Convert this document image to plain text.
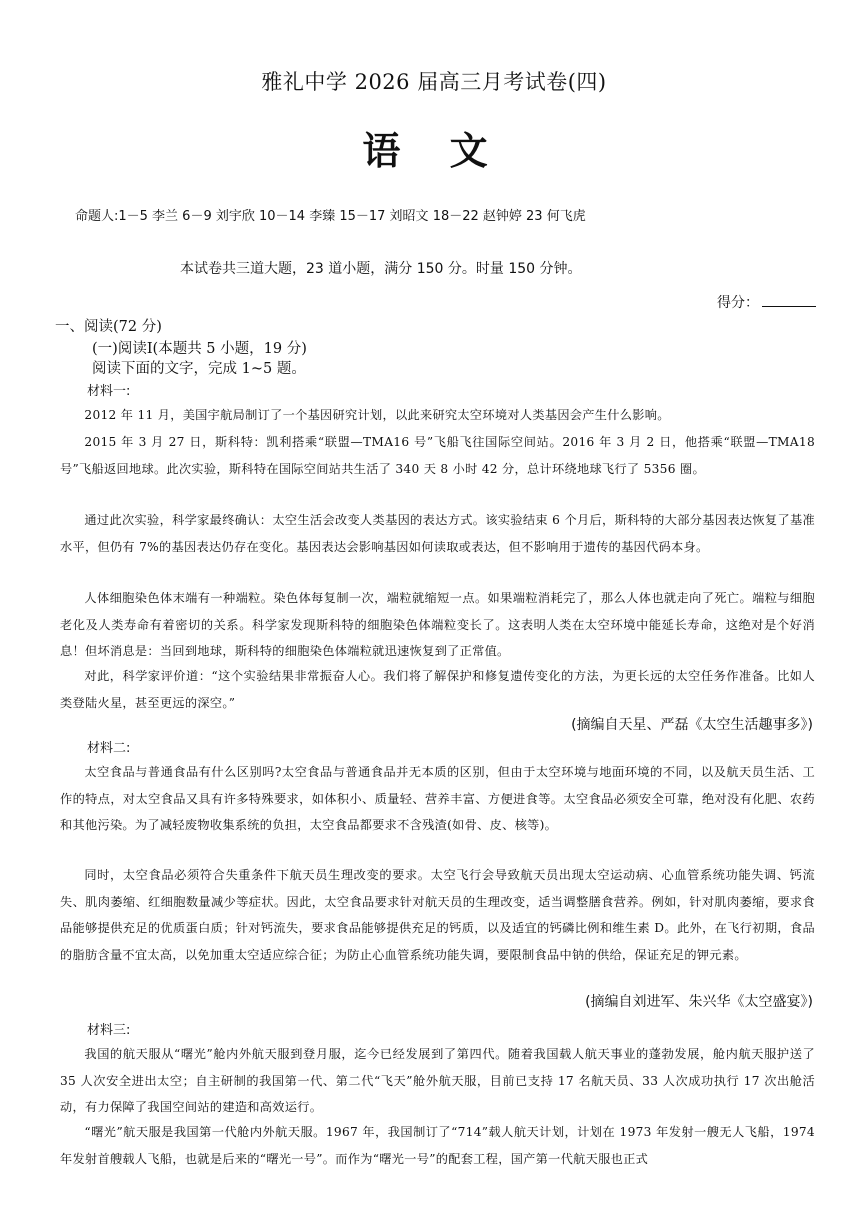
雅礼中学 2026 届高三月考试卷(四)
语 文
命题人:1－5 李兰 6－9 刘宇欣 10－14 李臻 15－17 刘昭文 18－22 赵钟婷 23 何飞虎
本试卷共三道大题，23 道小题，满分 150 分。时量 150 分钟。
得分：
一、阅读(72 分)
(一)阅读Ⅰ(本题共 5 小题，19 分)
阅读下面的文字，完成 1~5 题。
材料一:
2012 年 11 月，美国宇航局制订了一个基因研究计划，以此来研究太空环境对人类基因会产生什么影响。
2015 年 3 月 27 日，斯科特：凯利搭乘“联盟—TMA16 号”飞船飞往国际空间站。2016 年 3 月 2 日，他搭乘“联盟—TMA18 号”飞船返回地球。此次实验，斯科特在国际空间站共生活了 340 天 8 小时 42 分，总计环绕地球飞行了 5356 圈。
通过此次实验，科学家最终确认：太空生活会改变人类基因的表达方式。该实验结束 6 个月后，斯科特的大部分基因表达恢复了基准水平，但仍有 7%的基因表达仍存在变化。基因表达会影响基因如何读取或表达，但不影响用于遗传的基因代码本身。
人体细胞染色体末端有一种端粒。染色体每复制一次，端粒就缩短一点。如果端粒消耗完了，那么人体也就走向了死亡。端粒与细胞老化及人类寿命有着密切的关系。科学家发现斯科特的细胞染色体端粒变长了。这表明人类在太空环境中能延长寿命，这绝对是个好消息！但坏消息是：当回到地球，斯科特的细胞染色体端粒就迅速恢复到了正常值。
对此，科学家评价道：“这个实验结果非常振奋人心。我们将了解保护和修复遗传变化的方法，为更长远的太空任务作准备。比如人类登陆火星，甚至更远的深空。”
(摘编自天星、严磊《太空生活趣事多》)
材料二:
太空食品与普通食品有什么区别吗?太空食品与普通食品并无本质的区别，但由于太空环境与地面环境的不同，以及航天员生活、工作的特点，对太空食品又具有许多特殊要求，如体积小、质量轻、营养丰富、方便进食等。太空食品必须安全可靠，绝对没有化肥、农药和其他污染。为了减轻废物收集系统的负担，太空食品都要求不含残渣(如骨、皮、核等)。
同时，太空食品必须符合失重条件下航天员生理改变的要求。太空飞行会导致航天员出现太空运动病、心血管系统功能失调、钙流失、肌肉萎缩、红细胞数量减少等症状。因此，太空食品要求针对航天员的生理改变，适当调整膳食营养。例如，针对肌肉萎缩，要求食品能够提供充足的优质蛋白质；针对钙流失，要求食品能够提供充足的钙质，以及适宜的钙磷比例和维生素 D。此外，在飞行初期，食品的脂肪含量不宜太高，以免加重太空适应综合征；为防止心血管系统功能失调，要限制食品中钠的供给，保证充足的钾元素。
(摘编自刘进军、朱兴华《太空盛宴》)
材料三:
我国的航天服从“曙光”舱内外航天服到登月服，迄今已经发展到了第四代。随着我国载人航天事业的蓬勃发展，舱内航天服护送了 35 人次安全进出太空；自主研制的我国第一代、第二代“飞天”舱外航天服，目前已支持 17 名航天员、33 人次成功执行 17 次出舱活动，有力保障了我国空间站的建造和高效运行。
“曙光”航天服是我国第一代舱内外航天服。1967 年，我国制订了“714”载人航天计划，计划在 1973 年发射一艘无人飞船，1974 年发射首艘载人飞船，也就是后来的“曙光一号”。而作为“曙光一号”的配套工程，国产第一代航天服也正式
